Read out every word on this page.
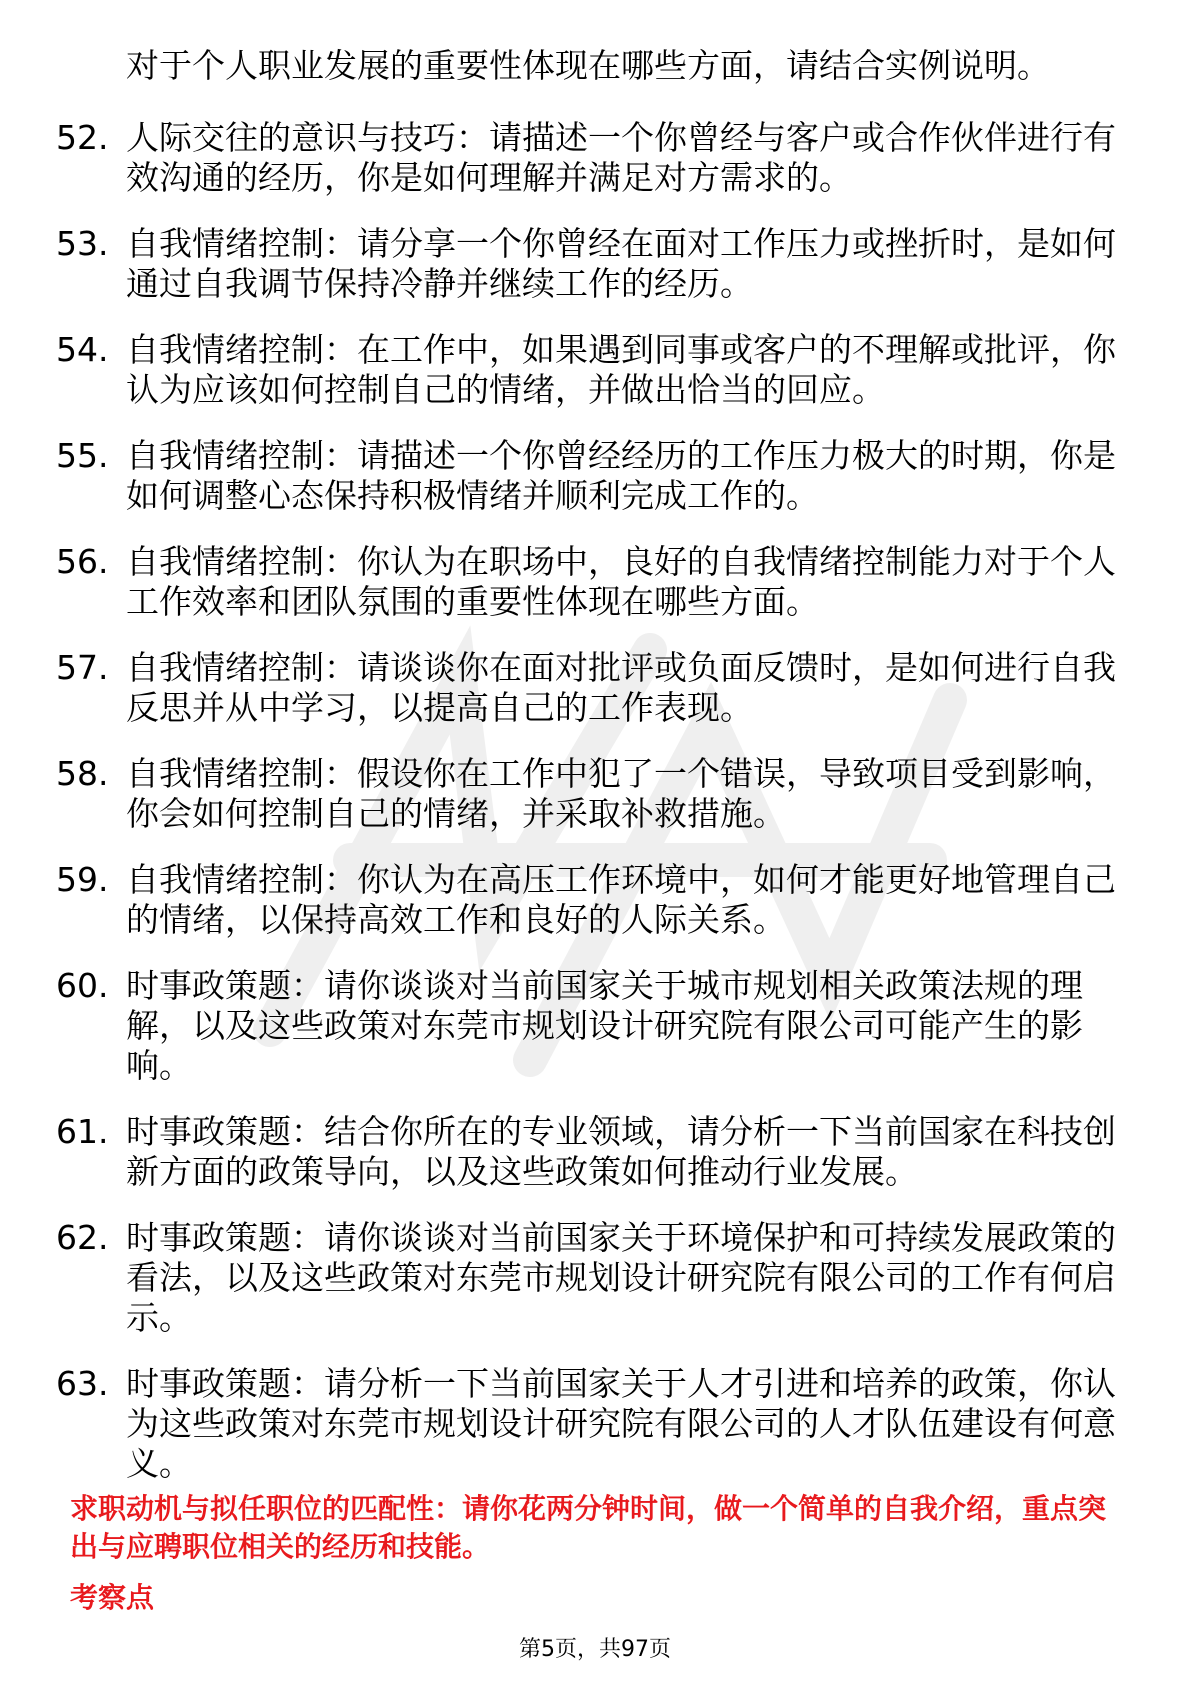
对于个人职业发展的重要性体现在哪些方面，请结合实例说明。
52. 人际交往的意识与技巧：请描述一个你曾经与客户或合作伙伴进行有效沟通的经历，你是如何理解并满足对方需求的。
53. 自我情绪控制：请分享一个你曾经在面对工作压力或挫折时，是如何通过自我调节保持冷静并继续工作的经历。
54. 自我情绪控制：在工作中，如果遇到同事或客户的不理解或批评，你认为应该如何控制自己的情绪，并做出恰当的回应。
55. 自我情绪控制：请描述一个你曾经经历的工作压力极大的时期，你是如何调整心态保持积极情绪并顺利完成工作的。
56. 自我情绪控制：你认为在职场中，良好的自我情绪控制能力对于个人工作效率和团队氛围的重要性体现在哪些方面。
57. 自我情绪控制：请谈谈你在面对批评或负面反馈时，是如何进行自我反思并从中学习，以提高自己的工作表现。
58. 自我情绪控制：假设你在工作中犯了一个错误，导致项目受到影响，你会如何控制自己的情绪，并采取补救措施。
59. 自我情绪控制：你认为在高压工作环境中，如何才能更好地管理自己的情绪，以保持高效工作和良好的人际关系。
60. 时事政策题：请你谈谈对当前国家关于城市规划相关政策法规的理解，以及这些政策对东莞市规划设计研究院有限公司可能产生的影响。
61. 时事政策题：结合你所在的专业领域，请分析一下当前国家在科技创新方面的政策导向，以及这些政策如何推动行业发展。
62. 时事政策题：请你谈谈对当前国家关于环境保护和可持续发展政策的看法，以及这些政策对东莞市规划设计研究院有限公司的工作有何启示。
63. 时事政策题：请分析一下当前国家关于人才引进和培养的政策，你认为这些政策对东莞市规划设计研究院有限公司的人才队伍建设有何意义。
求职动机与拟任职位的匹配性：请你花两分钟时间，做一个简单的自我介绍，重点突出与应聘职位相关的经历和技能。
考察点
第5页，共97页
